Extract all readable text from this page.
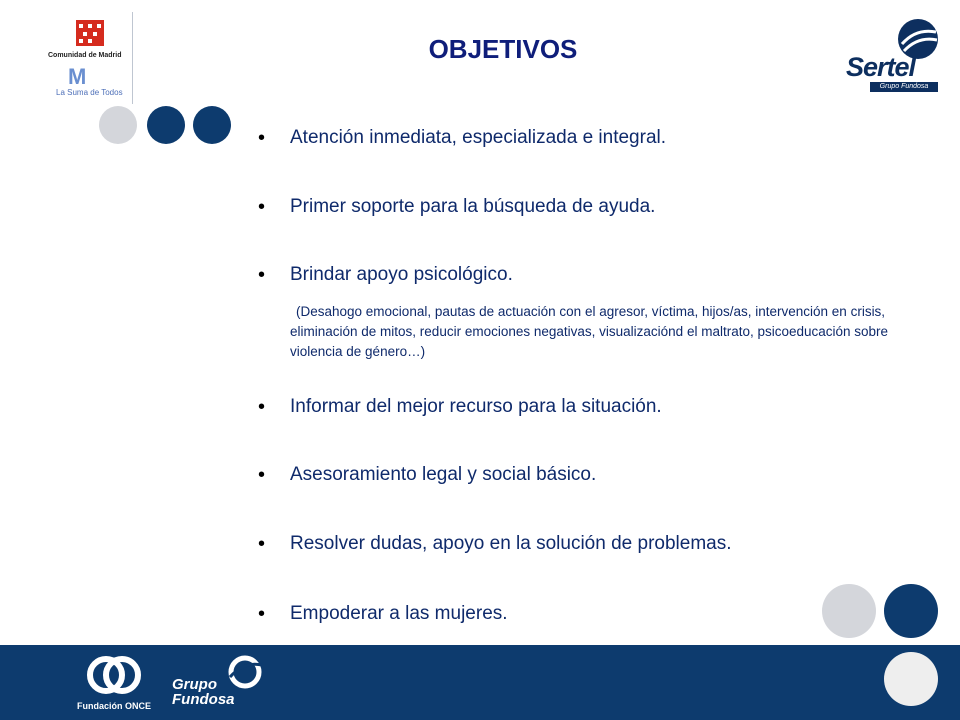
Comunidad de Madrid
M
La Suma de Todos
OBJETIVOS
Sertel
Grupo Fundosa
• Atención inmediata, especializada e integral.
• Primer soporte para la búsqueda de ayuda.
• Brindar apoyo psicológico.
(Desahogo emocional, pautas de actuación con el agresor, víctima, hijos/as, intervención en crisis, eliminación de mitos, reducir emociones negativas, visualizaciónd el maltrato, psicoeducación sobre violencia de género…)
• Informar del mejor recurso para la situación.
• Asesoramiento legal y social básico.
• Resolver dudas, apoyo en la solución de problemas.
• Empoderar a las mujeres.
Fundación ONCE
Grupo
Fundosa
